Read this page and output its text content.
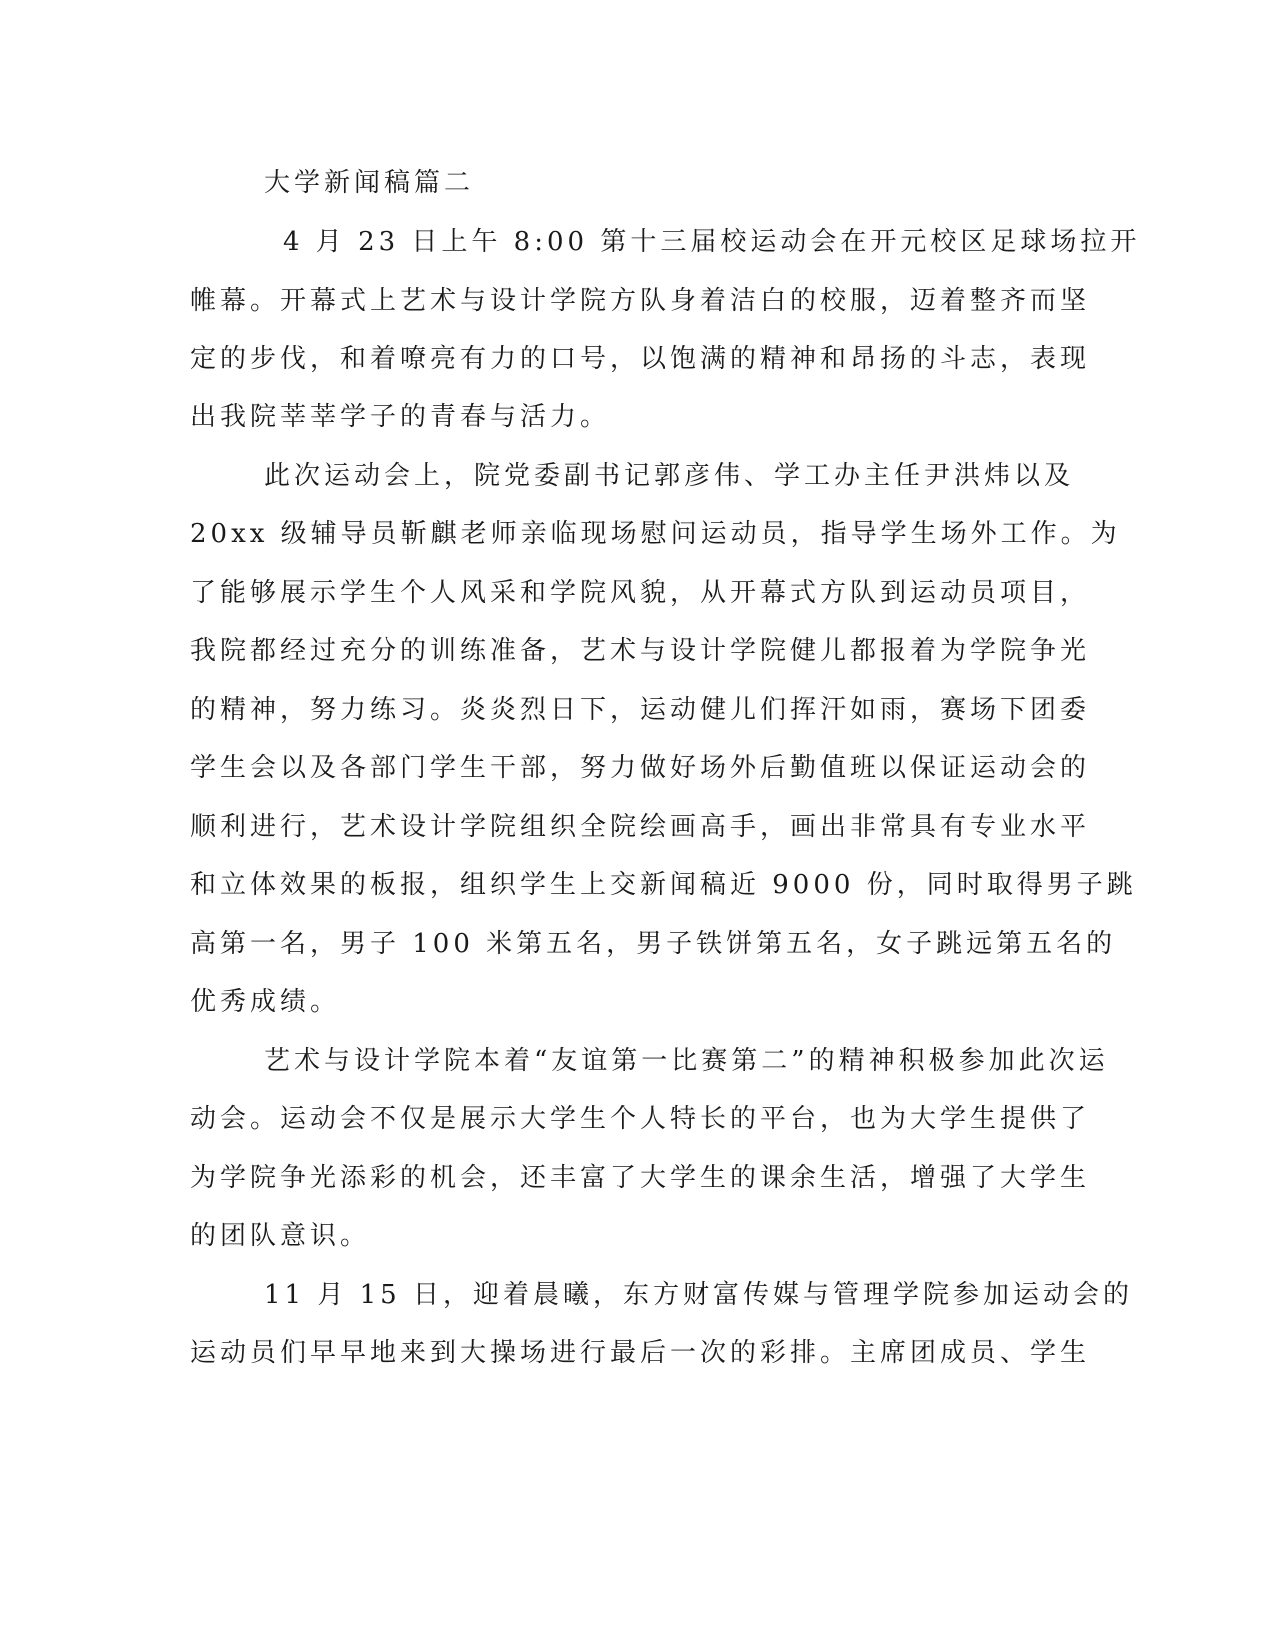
大学新闻稿篇二
4 月 23 日上午 8:00 第十三届校运动会在开元校区足球场拉开
帷幕。开幕式上艺术与设计学院方队身着洁白的校服，迈着整齐而坚
定的步伐，和着嘹亮有力的口号，以饱满的精神和昂扬的斗志，表现
出我院莘莘学子的青春与活力。
此次运动会上，院党委副书记郭彦伟、学工办主任尹洪炜以及
20xx 级辅导员靳麒老师亲临现场慰问运动员，指导学生场外工作。为
了能够展示学生个人风采和学院风貌，从开幕式方队到运动员项目，
我院都经过充分的训练准备，艺术与设计学院健儿都报着为学院争光
的精神，努力练习。炎炎烈日下，运动健儿们挥汗如雨，赛场下团委
学生会以及各部门学生干部，努力做好场外后勤值班以保证运动会的
顺利进行，艺术设计学院组织全院绘画高手，画出非常具有专业水平
和立体效果的板报，组织学生上交新闻稿近 9000 份，同时取得男子跳
高第一名，男子 100 米第五名，男子铁饼第五名，女子跳远第五名的
优秀成绩。
艺术与设计学院本着“友谊第一比赛第二”的精神积极参加此次运
动会。运动会不仅是展示大学生个人特长的平台，也为大学生提供了
为学院争光添彩的机会，还丰富了大学生的课余生活，增强了大学生
的团队意识。
11 月 15 日，迎着晨曦，东方财富传媒与管理学院参加运动会的
运动员们早早地来到大操场进行最后一次的彩排。主席团成员、学生
